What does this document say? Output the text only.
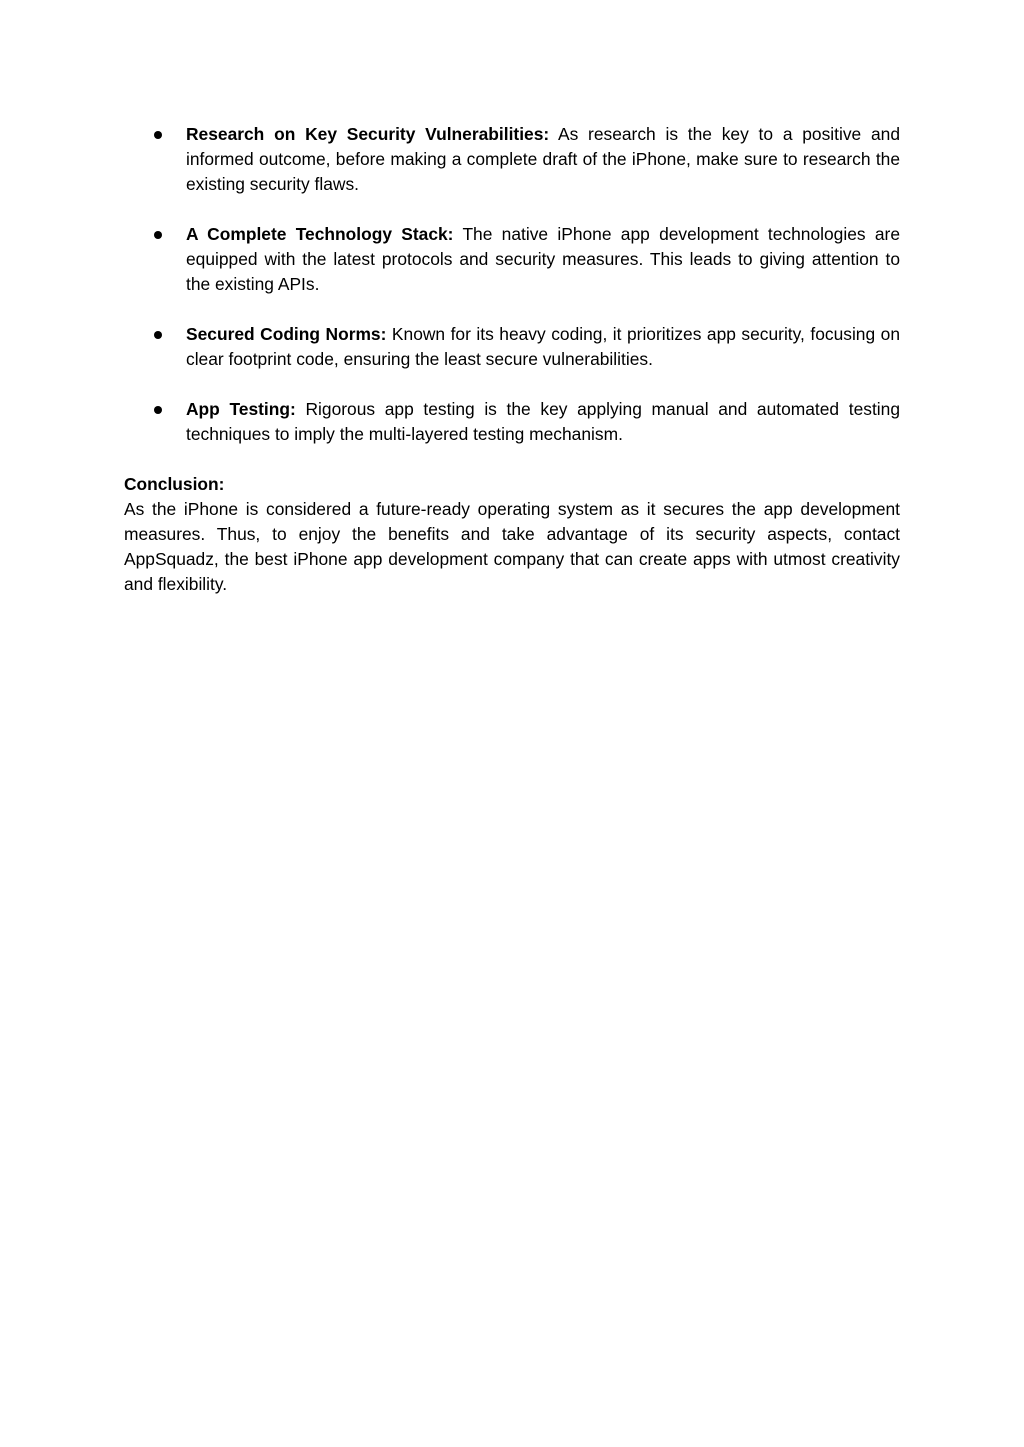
Research on Key Security Vulnerabilities: As research is the key to a positive and informed outcome, before making a complete draft of the iPhone, make sure to research the existing security flaws.
A Complete Technology Stack: The native iPhone app development technologies are equipped with the latest protocols and security measures. This leads to giving attention to the existing APIs.
Secured Coding Norms: Known for its heavy coding, it prioritizes app security, focusing on clear footprint code, ensuring the least secure vulnerabilities.
App Testing: Rigorous app testing is the key applying manual and automated testing techniques to imply the multi-layered testing mechanism.
Conclusion:
As the iPhone is considered a future-ready operating system as it secures the app development measures. Thus, to enjoy the benefits and take advantage of its security aspects, contact AppSquadz, the best iPhone app development company that can create apps with utmost creativity and flexibility.
